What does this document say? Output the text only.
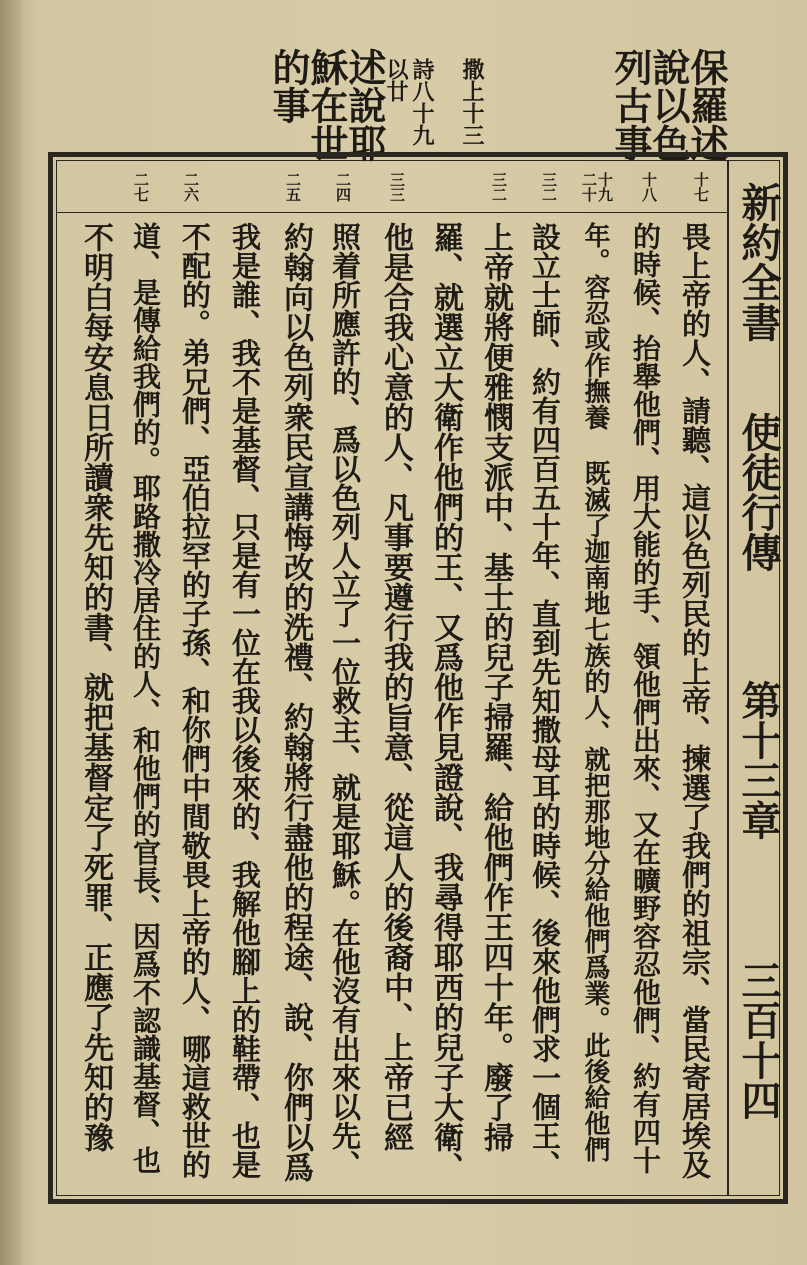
保羅述
說以色
列古事
撒上十三
詩八十九
以廿
述說耶
穌在世
的事
新約全書
使徒行傳
第十三章
三百十四
十七
十八
十九
二十
三二
三二
三三
二四
二五
二六
二七
畏上帝的人、請聽、這以色列民的上帝、揀選了我們的祖宗、當民寄居埃及
的時候、抬舉他們、用大能的手、領他們出來、又在曠野容忍他們、約有四十
年。容忍或作撫養 既滅了迦南地七族的人、就把那地分給他們爲業。此後給他們
設立士師、約有四百五十年、直到先知撒母耳的時候、後來他們求一個王、
上帝就將便雅憫支派中、基士的兒子掃羅、給他們作王四十年。廢了掃
羅、就選立大衛作他們的王、又爲他作見證說、我尋得耶西的兒子大衛、
他是合我心意的人、凡事要遵行我的旨意、從這人的後裔中、上帝已經
照着所應許的、爲以色列人立了一位救主、就是耶穌。在他沒有出來以先、
約翰向以色列衆民宣講悔改的洗禮、約翰將行盡他的程途、說、你們以爲
我是誰、我不是基督、只是有一位在我以後來的、我解他腳上的鞋帶、也是
不配的。弟兄們、亞伯拉罕的子孫、和你們中間敬畏上帝的人、哪這救世的
道、是傳給我們的。耶路撒冷居住的人、和他們的官長、因爲不認識基督、也
不明白每安息日所讀衆先知的書、就把基督定了死罪、正應了先知的豫
